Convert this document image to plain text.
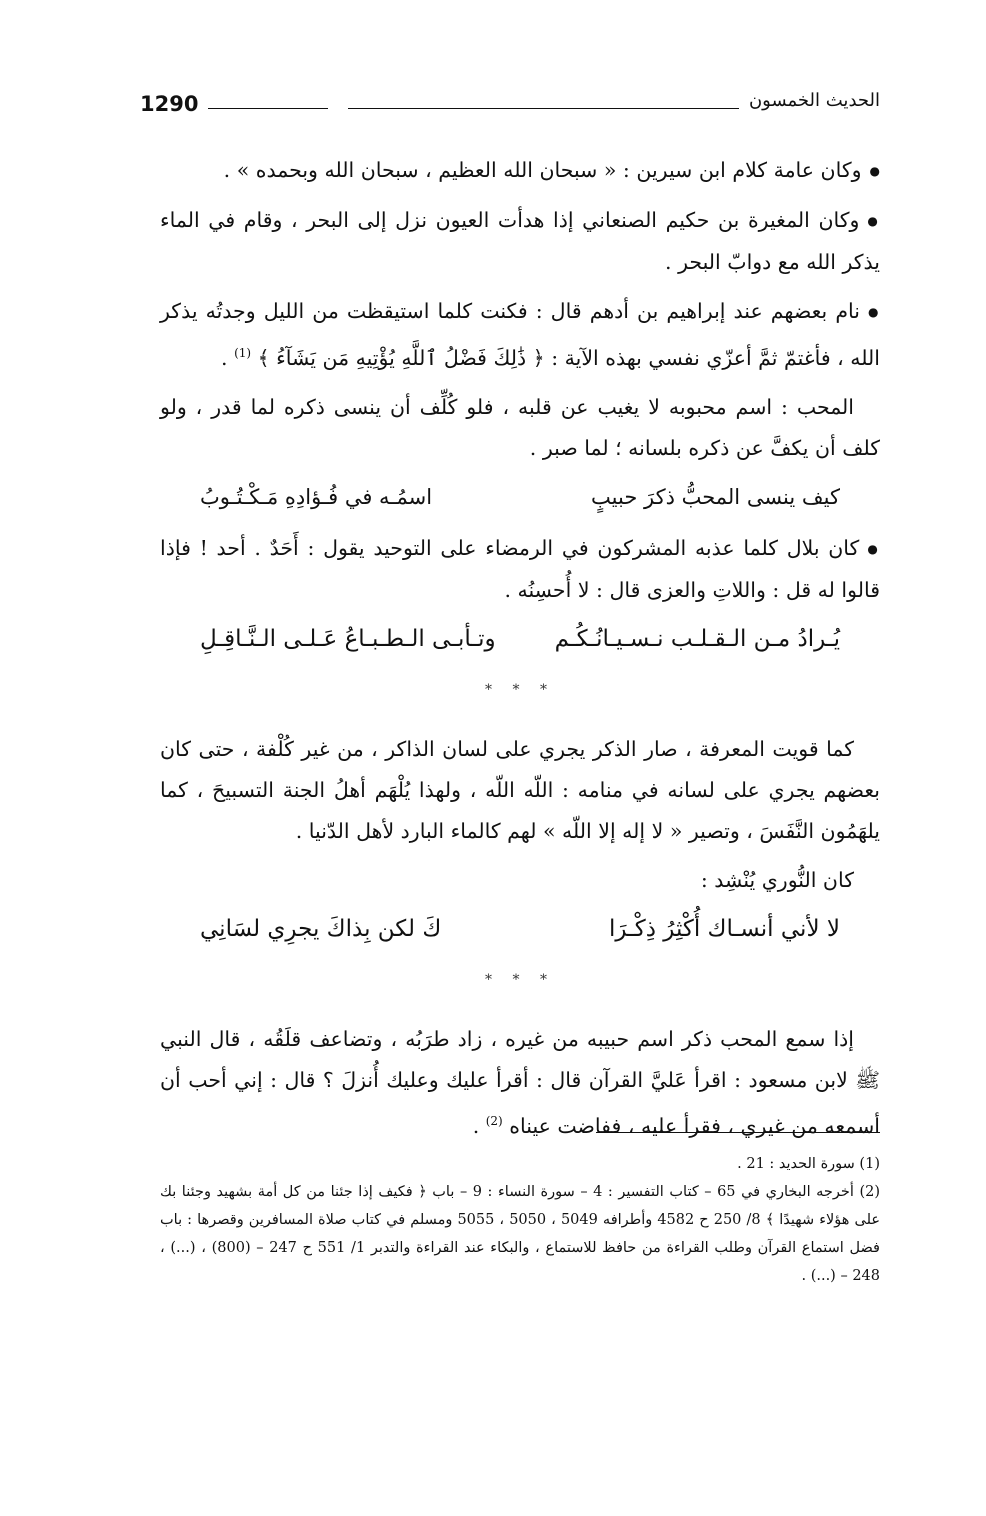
1290	الحديث الخمسون

● وكان عامة كلام ابن سيرين : « سبحان الله العظيم ، سبحان الله وبحمده » .

● وكان المغيرة بن حكيم الصنعاني إذا هدأت العيون نزل إلى البحر ، وقام في الماء يذكر الله مع دوابّ البحر .

● نام بعضهم عند إبراهيم بن أدهم قال : فكنت كلما استيقظت من الليل وجدتُه يذكر الله ، فأغتمّ ثمَّ أعزّي نفسي بهذه الآية : ﴿ ذَٰلِكَ فَضْلُ ٱللَّهِ يُؤْتِيهِ مَن يَشَآءُ ﴾ $^{(1)}$ .

المحب : اسم محبوبه لا يغيب عن قلبه ، فلو كُلِّف أن ينسى ذكره لما قدر ، ولو كلف أن يكفَّ عن ذكره بلسانه ؛ لما صبر .

كيف ينسى المحبُّ ذكرَ حبيبٍ
اسمُـه في فُـؤادِهِ مَـكْـتُـوبُ

● كان بلال كلما عذبه المشركون في الرمضاء على التوحيد يقول : أَحَدٌ . أحد ! فإذا قالوا له قل : واللاتِ والعزى قال : لا أُحسِنُه .

يُـرادُ مـن الـقـلـب نـسـيـانُـكُـم
وتـأبـى الـطـبـاعُ عَـلـى الـنَّـاقِـلِ
* * *

كما قويت المعرفة ، صار الذكر يجري على لسان الذاكر ، من غير كُلْفة ، حتى كان بعضهم يجري على لسانه في منامه : اللّه اللّه ، ولهذا يُلْهَم أهلُ الجنة التسبيحَ ، كما يلهَمُون النَّفَسَ ، وتصير « لا إله إلا اللّه » لهم كالماء البارد لأهل الدّنيا .

كان النُّوري يُنْشِد :

لا لأني أنسـاك أُكْثِرُ ذِكْـرَا
كَ لكن بِذاكَ يجرِي لسَانِي
* * *

إذا سمع المحب ذكر اسم حبيبه من غيره ، زاد طرَبُه ، وتضاعف قلَقُه ، قال النبي ﷺ لابن مسعود : اقرأ عَليَّ القرآن قال : أقرأ عليك وعليك أُنزلَ ؟ قال : إني أحب أن أسمعه من غيري ، فقرأ عليه ، ففاضت عيناه $^{(2)}$ .

(1) سورة الحديد : 21 .

(2) أخرجه البخاري في 65 – كتاب التفسير : 4 – سورة النساء : 9 – باب ﴿ فكيف إذا جئنا من كل أمة بشهيد وجئنا بك على هؤلاء شهيدًا ﴾ 8/ 250 ح 4582 وأطرافه 5049 ، 5050 ، 5055 ومسلم في كتاب صلاة المسافرين وقصرها : باب فضل استماع القرآن وطلب القراءة من حافظ للاستماع ، والبكاء عند القراءة والتدبر 1/ 551 ح 247 – (800) ، (...) ، 248 – (...) .
